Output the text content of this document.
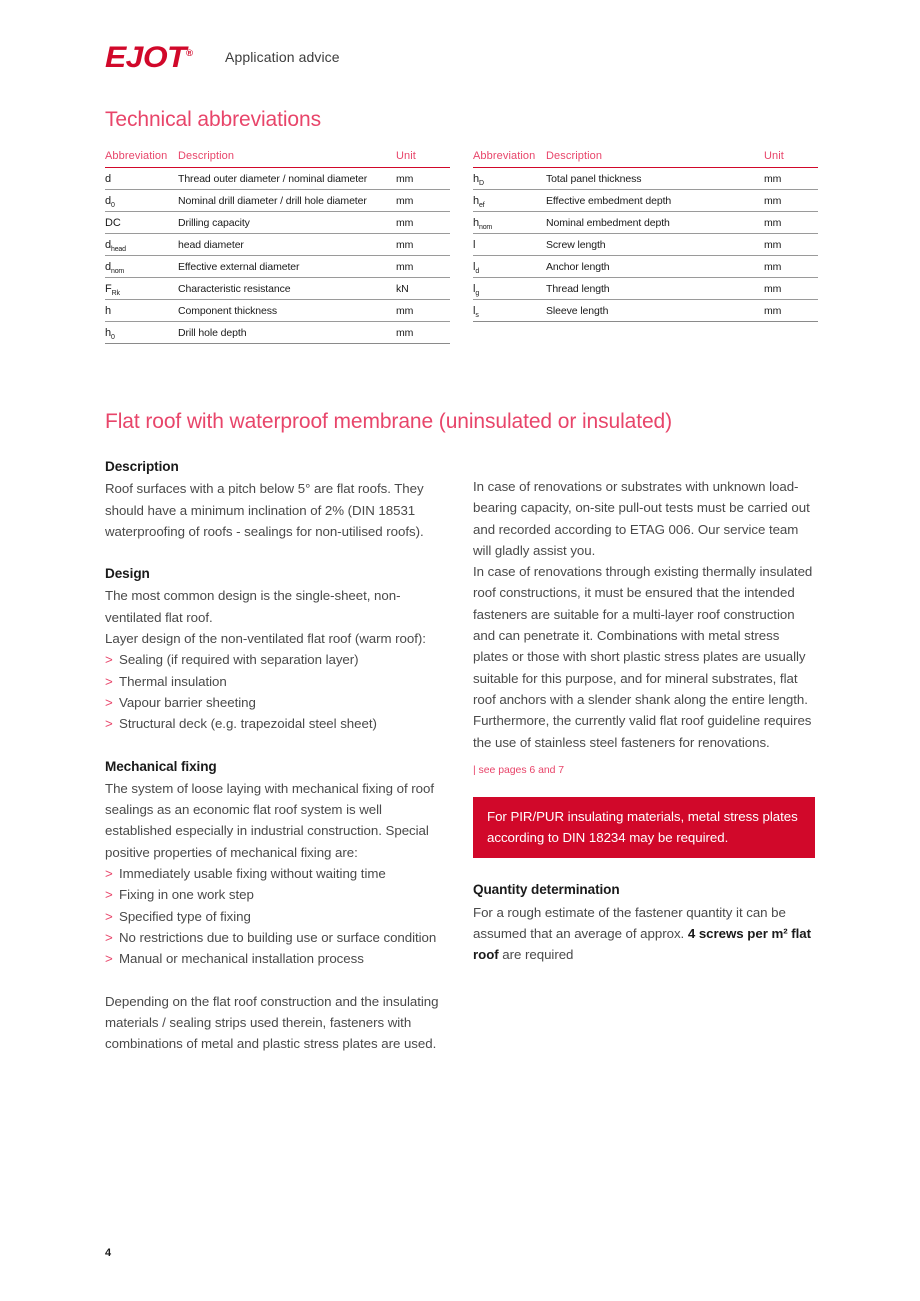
EJOT® Application advice
Technical abbreviations
Abbreviation	Description	Unit
d	Thread outer diameter / nominal diameter	mm
$d_0$	Nominal drill diameter / drill hole diameter	mm
DC	Drilling capacity	mm
$d_{head}$	head diameter	mm
$d_{nom}$	Effective external diameter	mm
$F_{Rk}$	Characteristic resistance	kN
h	Component thickness	mm
$h_0$	Drill hole depth	mm
Abbreviation	Description	Unit
$h_D$	Total panel thickness	mm
$h_{ef}$	Effective embedment depth	mm
$h_{nom}$	Nominal embedment depth	mm
l	Screw length	mm
$l_d$	Anchor length	mm
$l_g$	Thread length	mm
$l_s$	Sleeve length	mm
Flat roof with waterproof membrane (uninsulated or insulated)
Description

Roof surfaces with a pitch below 5° are flat roofs. They should have a minimum inclination of 2% (DIN 18531 waterproofing of roofs - sealings for non-utilised roofs).

Design

The most common design is the single-sheet, non-ventilated flat roof.

Layer design of the non-ventilated flat roof (warm roof):

> Sealing (if required with separation layer)
> Thermal insulation
> Vapour barrier sheeting
> Structural deck (e.g. trapezoidal steel sheet)
Mechanical fixing

The system of loose laying with mechanical fixing of roof sealings as an economic flat roof system is well established especially in industrial construction. Special positive properties of mechanical fixing are:

> Immediately usable fixing without waiting time
> Fixing in one work step
> Specified type of fixing
> No restrictions due to building use or surface condition
> Manual or mechanical installation process

Depending on the flat roof construction and the insulating materials / sealing strips used therein, fasteners with combinations of metal and plastic stress plates are used.

In case of renovations or substrates with unknown load-bearing capacity, on-site pull-out tests must be carried out and recorded according to ETAG 006. Our service team will gladly assist you.

In case of renovations through existing thermally insulated roof constructions, it must be ensured that the intended fasteners are suitable for a multi-layer roof construction and can penetrate it. Combinations with metal stress plates or those with short plastic stress plates are usually suitable for this purpose, and for mineral substrates, flat roof anchors with a slender shank along the entire length. Furthermore, the currently valid flat roof guideline requires the use of stainless steel fasteners for renovations.

| see pages 6 and 7
For PIR/PUR insulating materials, metal stress plates according to DIN 18234 may be required.
Quantity determination

For a rough estimate of the fastener quantity it can be assumed that an average of approx. 4 screws per m² flat roof are required

4
